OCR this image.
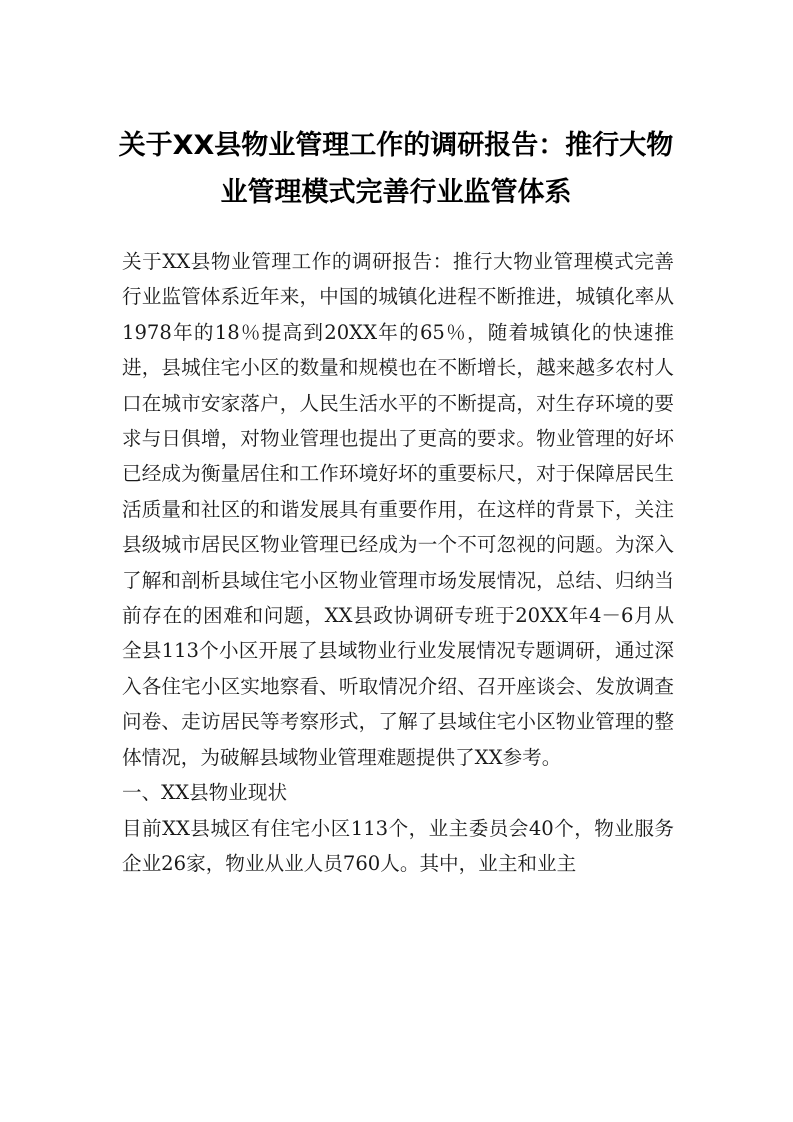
关于XX县物业管理工作的调研报告：推行大物业管理模式完善行业监管体系

关于XX县物业管理工作的调研报告：推行大物业管理模式完善行业监管体系近年来，中国的城镇化进程不断推进，城镇化率从1978年的18％提高到20XX年的65％，随着城镇化的快速推进，县城住宅小区的数量和规模也在不断增长，越来越多农村人口在城市安家落户，人民生活水平的不断提高，对生存环境的要求与日俱增，对物业管理也提出了更高的要求。物业管理的好坏已经成为衡量居住和工作环境好坏的重要标尺，对于保障居民生活质量和社区的和谐发展具有重要作用，在这样的背景下，关注县级城市居民区物业管理已经成为一个不可忽视的问题。为深入了解和剖析县域住宅小区物业管理市场发展情况，总结、归纳当前存在的困难和问题，XX县政协调研专班于20XX年4－6月从全县113个小区开展了县域物业行业发展情况专题调研，通过深入各住宅小区实地察看、听取情况介绍、召开座谈会、发放调查问卷、走访居民等考察形式，了解了县域住宅小区物业管理的整体情况，为破解县域物业管理难题提供了XX参考。

一、XX县物业现状

目前XX县城区有住宅小区113个，业主委员会40个，物业服务企业26家，物业从业人员760人。其中，业主和业主
